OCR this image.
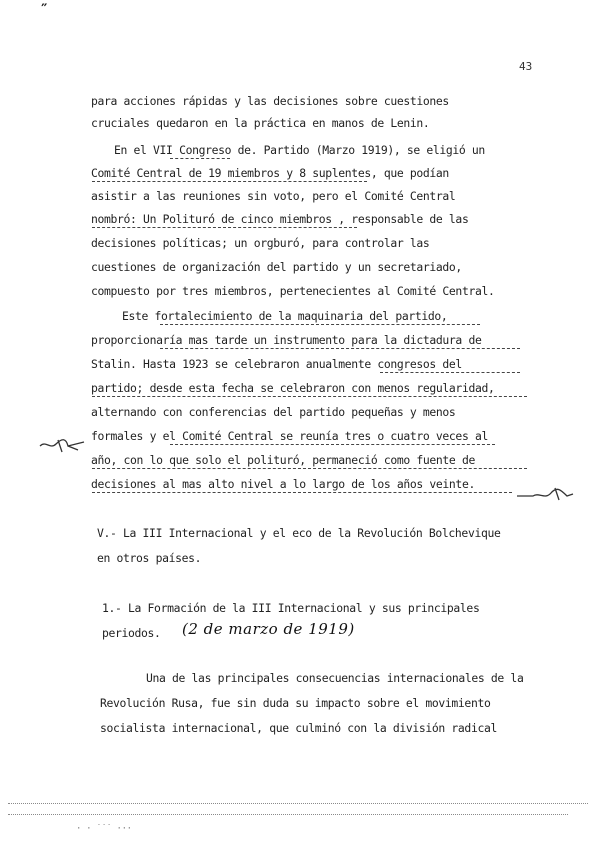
″
43
para acciones rápidas y las decisiones sobre cuestiones
cruciales quedaron en la práctica en manos de Lenin.
En el VII Congreso de. Partido (Marzo 1919), se eligió un
Comité Central de 19 miembros y 8 suplentes, que podían
asistir a las reuniones sin voto, pero el Comité Central
nombró: Un Polituró de cinco miembros , responsable de las
decisiones políticas; un orgburó, para controlar las
cuestiones de organización del partido y un secretariado,
compuesto por tres miembros, pertenecientes al Comité Central.
Este fortalecimiento de la maquinaria del partido,
proporcionaría mas tarde un instrumento para la dictadura de
Stalin. Hasta 1923 se celebraron anualmente congresos del
partido; desde esta fecha se celebraron con menos regularidad,
alternando con conferencias del partido pequeñas y menos
formales y el Comité Central se reunía tres o cuatro veces al
año, con lo que solo el polituró, permaneció como fuente de
decisiones al mas alto nivel a lo largo de los años veinte.
V.- La III Internacional y el eco de la Revolución Bolchevique
en otros países.
1.- La Formación de la III Internacional y sus principales
periodos. (2 de marzo de 1919)
Una de las principales consecuencias internacionales de la
Revolución Rusa, fue sin duda su impacto sobre el movimiento
socialista internacional, que culminó con la división radical
· · ˙˙˙ ···
